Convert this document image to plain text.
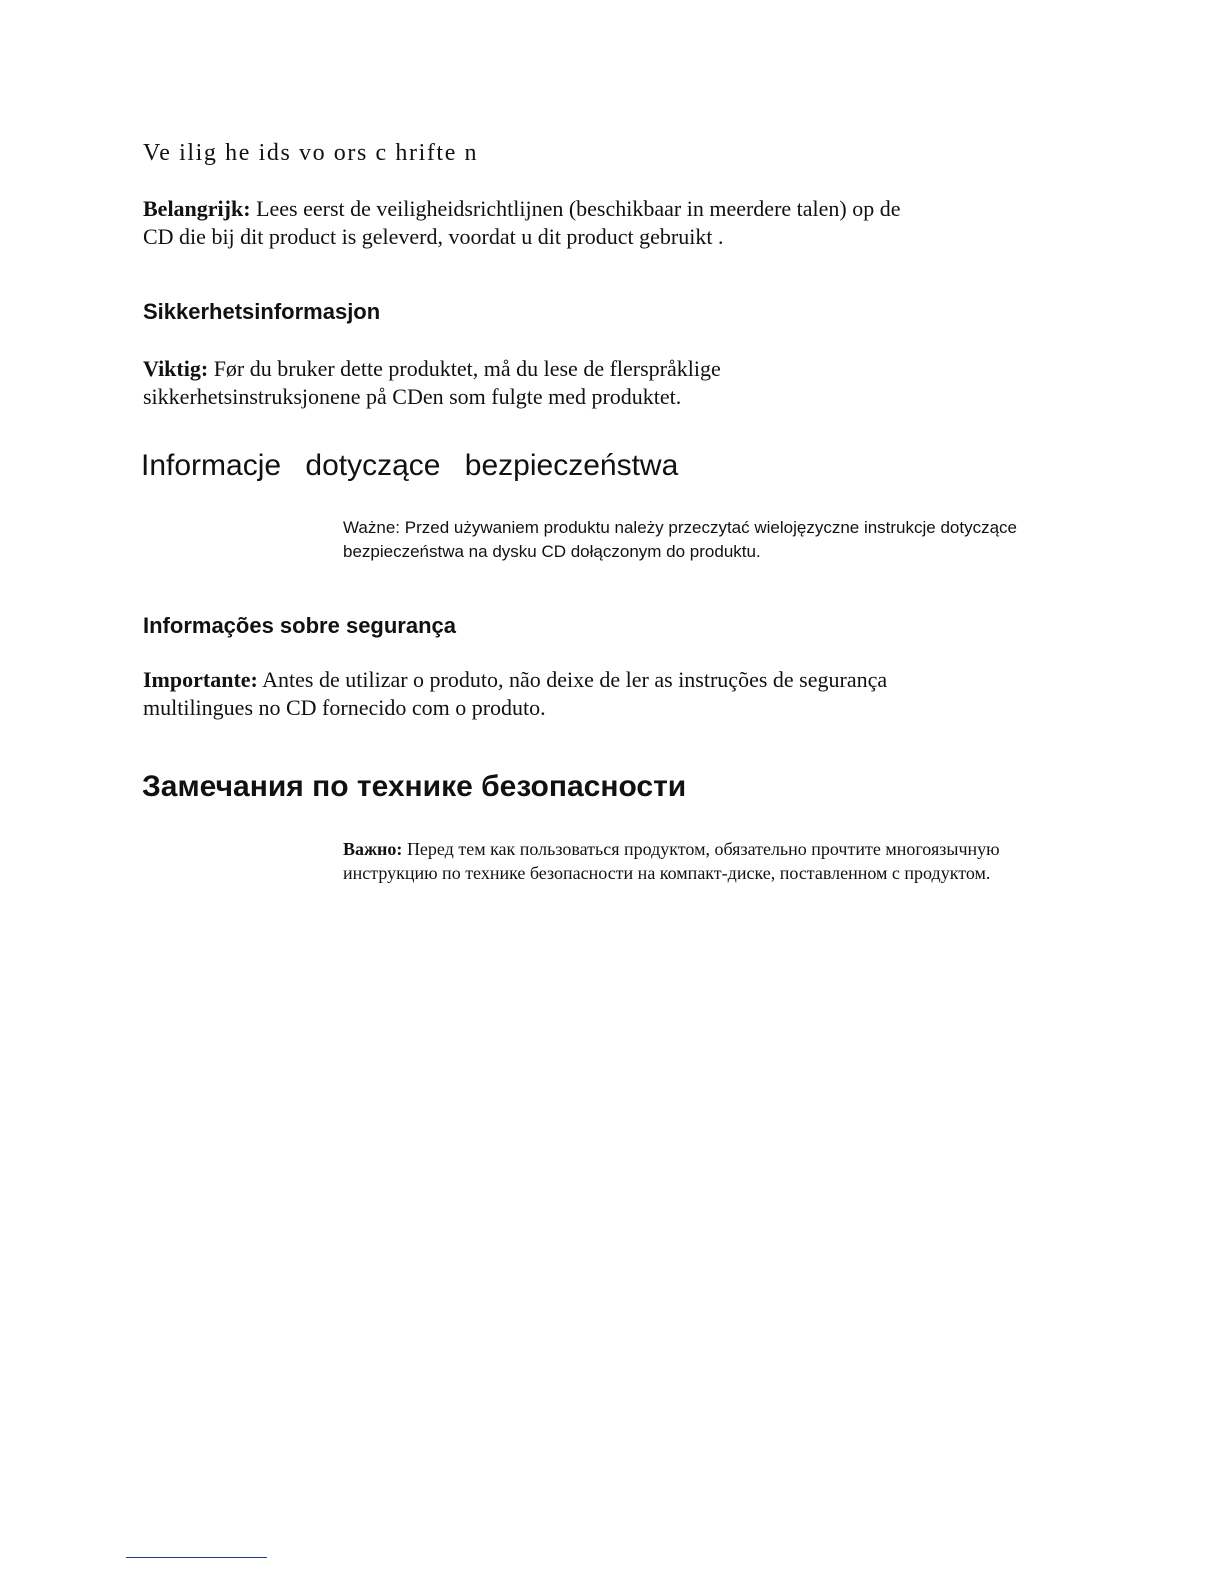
Ve ilig he ids vo ors c hrifte n

Belangrijk: Lees eerst de veiligheidsrichtlijnen (beschikbaar in meerdere talen) op de
CD die bij dit product is geleverd, voordat u dit product gebruikt .

Sikkerhetsinformasjon

Viktig: Før du bruker dette produktet, må du lese de flerspråklige
sikkerhetsinstruksjonene på CDen som fulgte med produktet.

Informacje dotyczące bezpieczeństwa

Ważne: Przed używaniem produktu należy przeczytać wielojęzyczne instrukcje dotyczące
bezpieczeństwa na dysku CD dołączonym do produktu.

Informações sobre segurança

Importante: Antes de utilizar o produto, não deixe de ler as instruções de segurança
multilingues no CD fornecido com o produto.

Замечания по технике безопасности

Важно: Перед тем как пользоваться продуктом, обязательно прочтите многоязычную
инструкцию по технике безопасности на компакт-диске, поставленном с продуктом.
